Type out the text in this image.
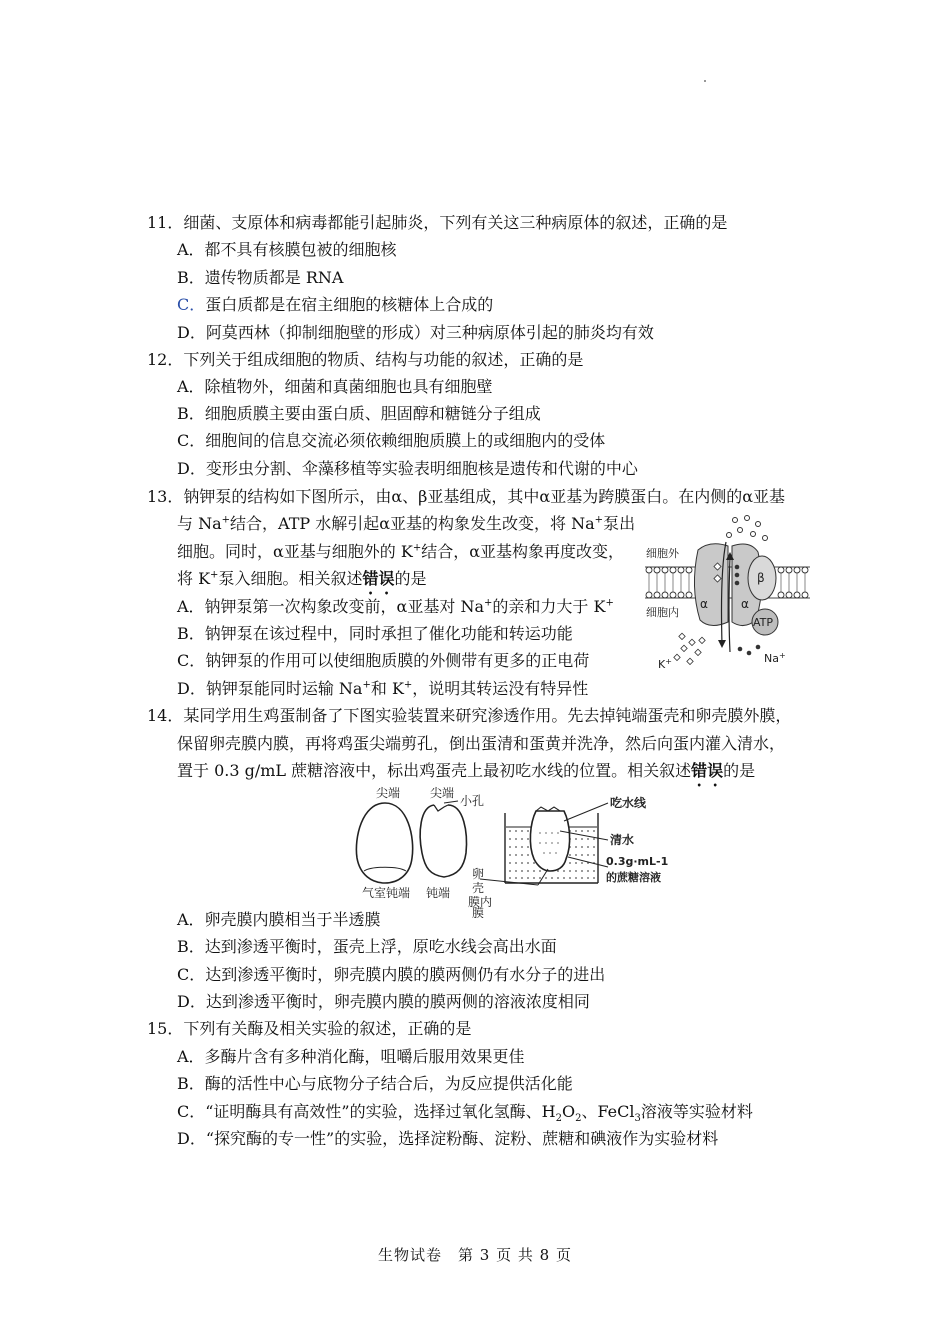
11．细菌、支原体和病毒都能引起肺炎，下列有关这三种病原体的叙述，正确的是
A．都不具有核膜包被的细胞核
B．遗传物质都是 RNA
C．蛋白质都是在宿主细胞的核糖体上合成的
D．阿莫西林（抑制细胞壁的形成）对三种病原体引起的肺炎均有效
12．下列关于组成细胞的物质、结构与功能的叙述，正确的是
A．除植物外，细菌和真菌细胞也具有细胞壁
B．细胞质膜主要由蛋白质、胆固醇和糖链分子组成
C．细胞间的信息交流必须依赖细胞质膜上的或细胞内的受体
D．变形虫分割、伞藻移植等实验表明细胞核是遗传和代谢的中心
13．钠钾泵的结构如下图所示，由α、β亚基组成，其中α亚基为跨膜蛋白。在内侧的α亚基
与 Na+结合，ATP 水解引起α亚基的构象发生改变，将 Na+泵出
细胞。同时，α亚基与细胞外的 K+结合，α亚基构象再度改变，
将 K+泵入细胞。相关叙述错误的是
A．钠钾泵第一次构象改变前，α亚基对 Na+的亲和力大于 K+
B．钠钾泵在该过程中，同时承担了催化功能和转运功能
C．钠钾泵的作用可以使细胞质膜的外侧带有更多的正电荷
D．钠钾泵能同时运输 Na+和 K+，说明其转运没有特异性
细胞外
细胞内
β
α	α
ATP
K+	Na+
14．某同学用生鸡蛋制备了下图实验装置来研究渗透作用。先去掉钝端蛋壳和卵壳膜外膜，
保留卵壳膜内膜，再将鸡蛋尖端剪孔，倒出蛋清和蛋黄并洗净，然后向蛋内灌入清水，
置于 0.3 g/mL 蔗糖溶液中，标出鸡蛋壳上最初吃水线的位置。相关叙述错误的是
尖端
气室 钝端
尖端
小孔
钝端
吃水线
清水
0.3g·mL-1
的蔗糖溶液
卵
壳
膜内
膜
A．卵壳膜内膜相当于半透膜
B．达到渗透平衡时，蛋壳上浮，原吃水线会高出水面
C．达到渗透平衡时，卵壳膜内膜的膜两侧仍有水分子的进出
D．达到渗透平衡时，卵壳膜内膜的膜两侧的溶液浓度相同
15．下列有关酶及相关实验的叙述，正确的是
A．多酶片含有多种消化酶，咀嚼后服用效果更佳
B．酶的活性中心与底物分子结合后，为反应提供活化能
C．“证明酶具有高效性”的实验，选择过氧化氢酶、$H_2O_2$、FeCl$_3$溶液等实验材料
D．“探究酶的专一性”的实验，选择淀粉酶、淀粉、蔗糖和碘液作为实验材料
生物试卷　第 3 页 共 8 页
